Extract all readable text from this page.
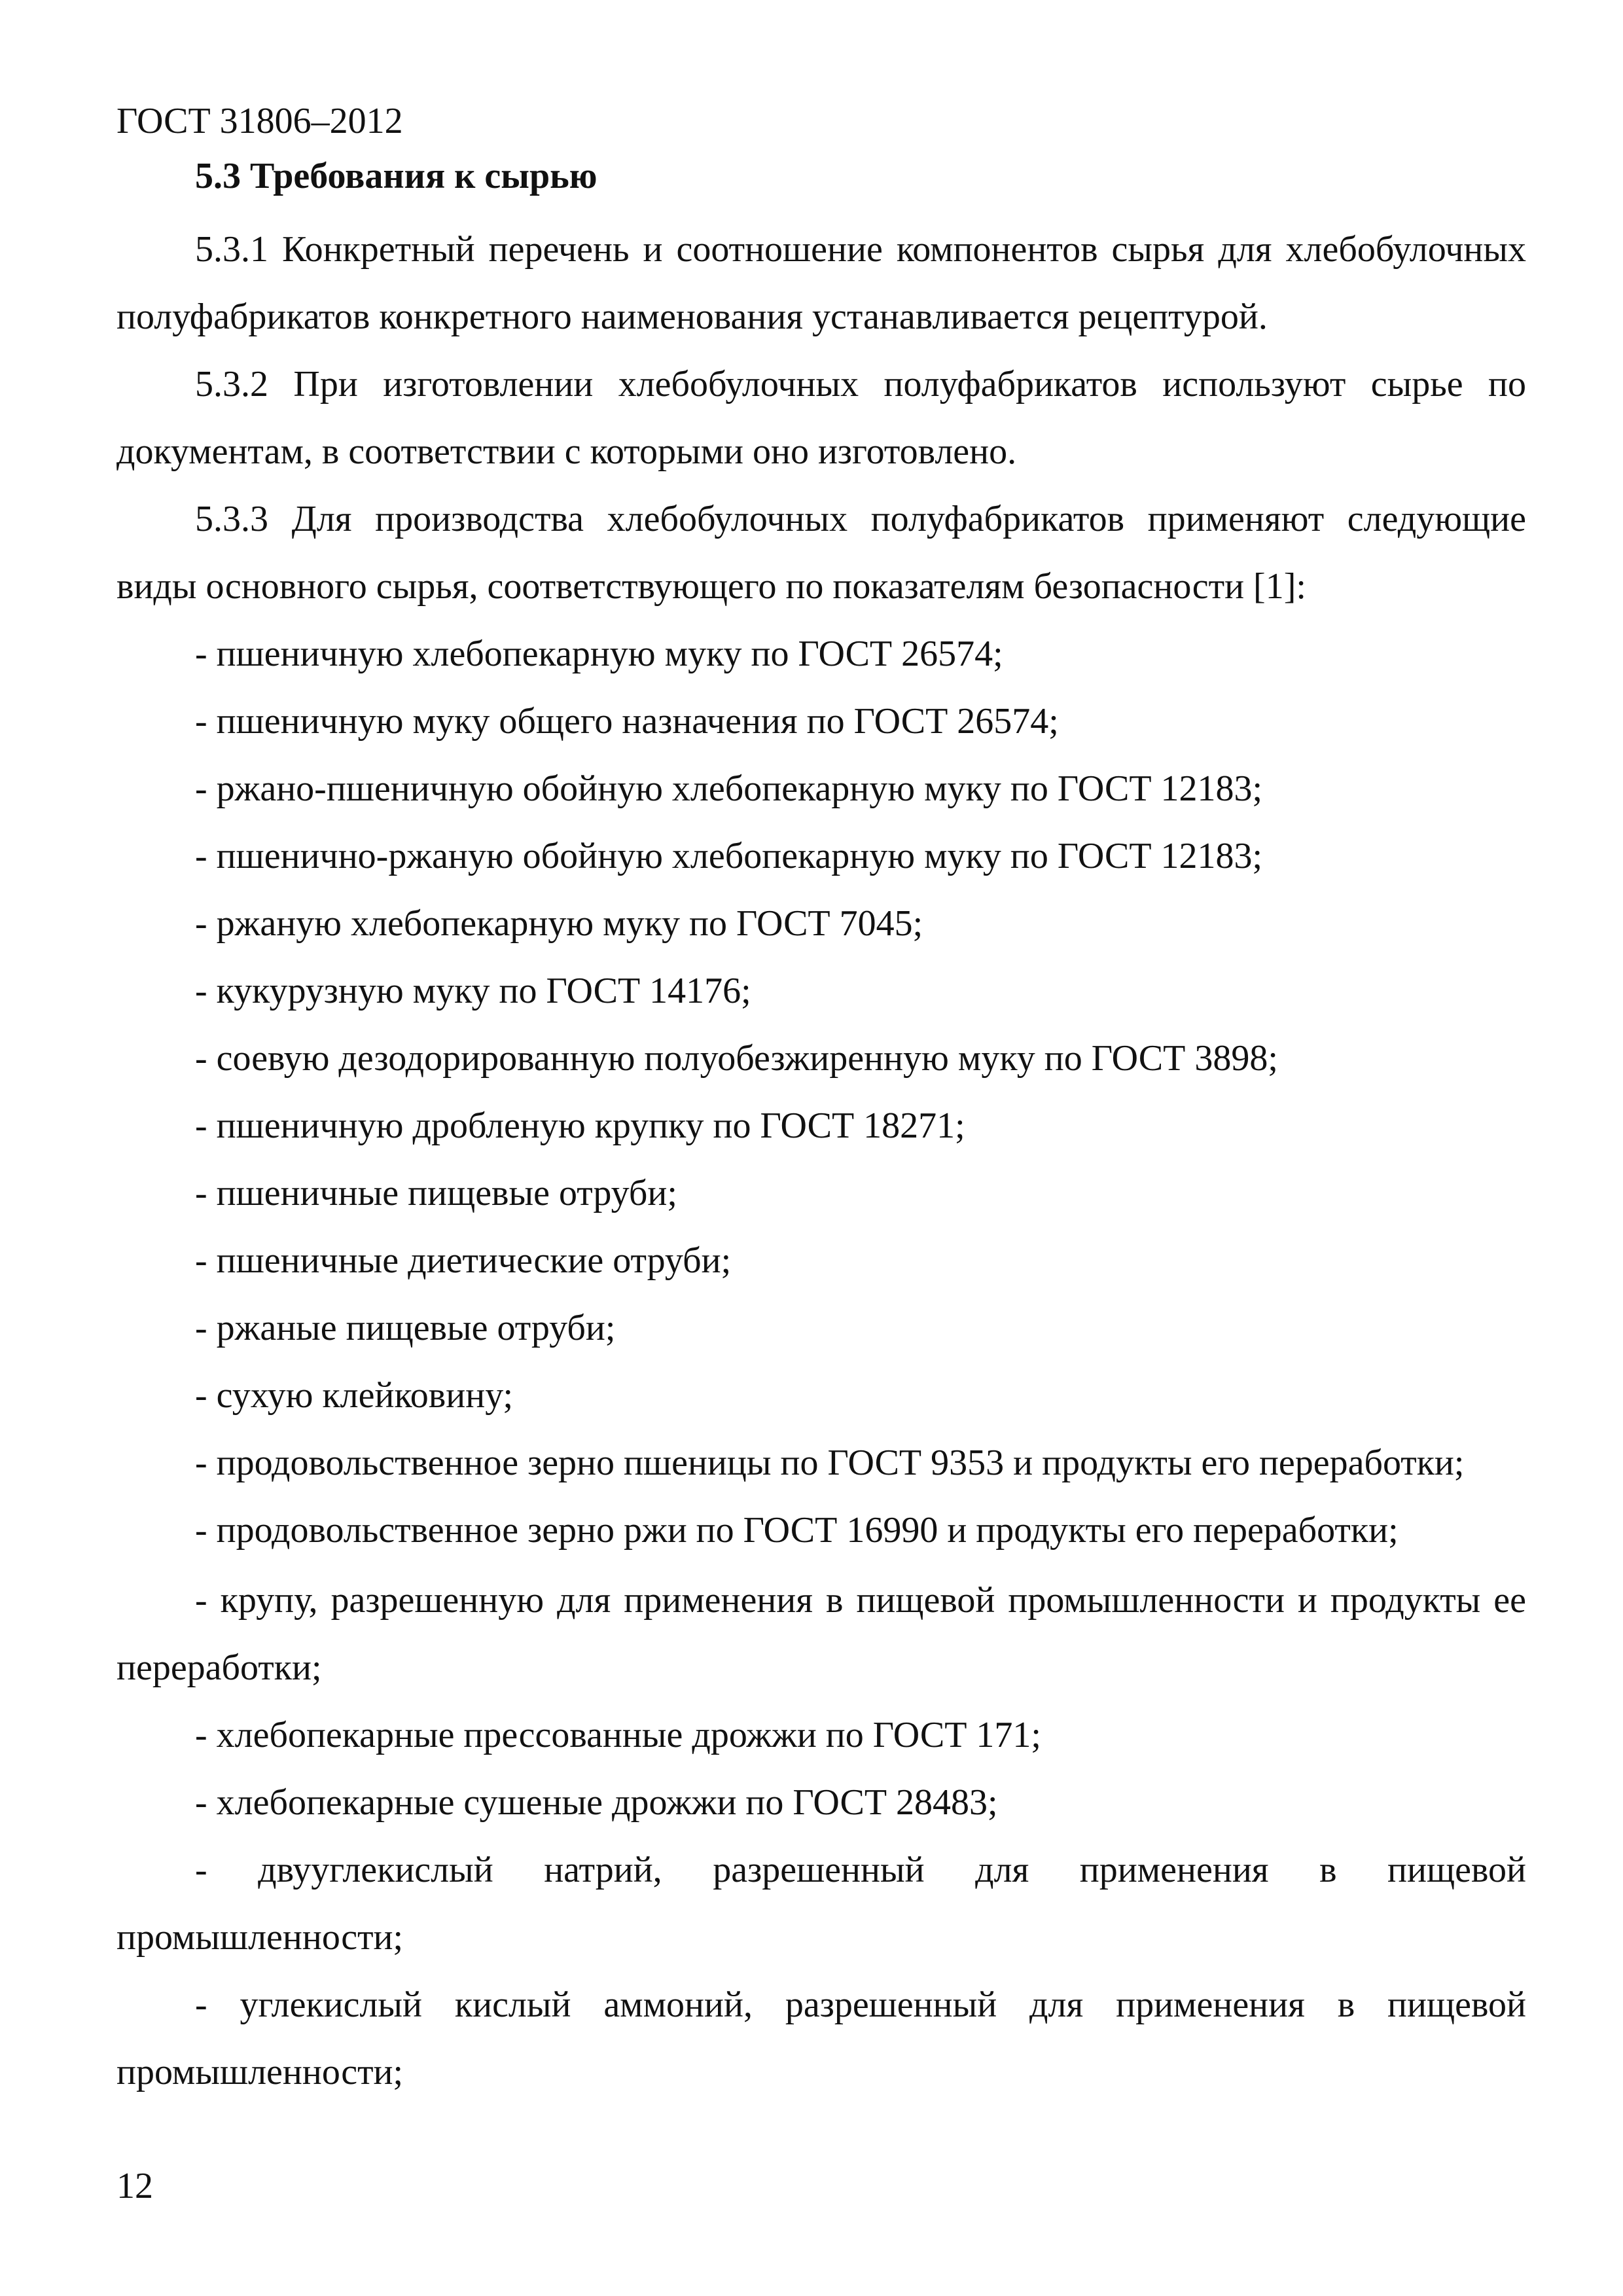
ГОСТ 31806–2012
5.3 Требования к сырью

5.3.1 Конкретный перечень и соотношение компонентов сырья для хлебобулочных полуфабрикатов конкретного наименования устанавливается рецептурой.

5.3.2 При изготовлении хлебобулочных полуфабрикатов используют сырье по документам, в соответствии с которыми оно изготовлено.

5.3.3 Для производства хлебобулочных полуфабрикатов применяют следующие виды основного сырья, соответствующего по показателям безопасности [1]:

- пшеничную хлебопекарную муку по ГОСТ 26574;

- пшеничную муку общего назначения по ГОСТ 26574;

- ржано-пшеничную обойную хлебопекарную муку по ГОСТ 12183;

- пшенично-ржаную обойную хлебопекарную муку по ГОСТ 12183;

- ржаную хлебопекарную муку по ГОСТ 7045;

- кукурузную муку по ГОСТ 14176;

- соевую дезодорированную полуобезжиренную муку по ГОСТ 3898;

- пшеничную дробленую крупку по ГОСТ 18271;

- пшеничные пищевые отруби;

- пшеничные диетические отруби;

- ржаные пищевые отруби;

- сухую клейковину;

- продовольственное зерно пшеницы по ГОСТ 9353 и продукты его переработки;

- продовольственное зерно ржи по ГОСТ 16990 и продукты его переработки;

- крупу, разрешенную для применения в пищевой промышленности и продукты ее переработки;

- хлебопекарные прессованные дрожжи по ГОСТ 171;

- хлебопекарные сушеные дрожжи по ГОСТ 28483;

- двууглекислый натрий, разрешенный для применения в пищевой промышленности;

- углекислый кислый аммоний, разрешенный для применения в пищевой промышленности;

12
